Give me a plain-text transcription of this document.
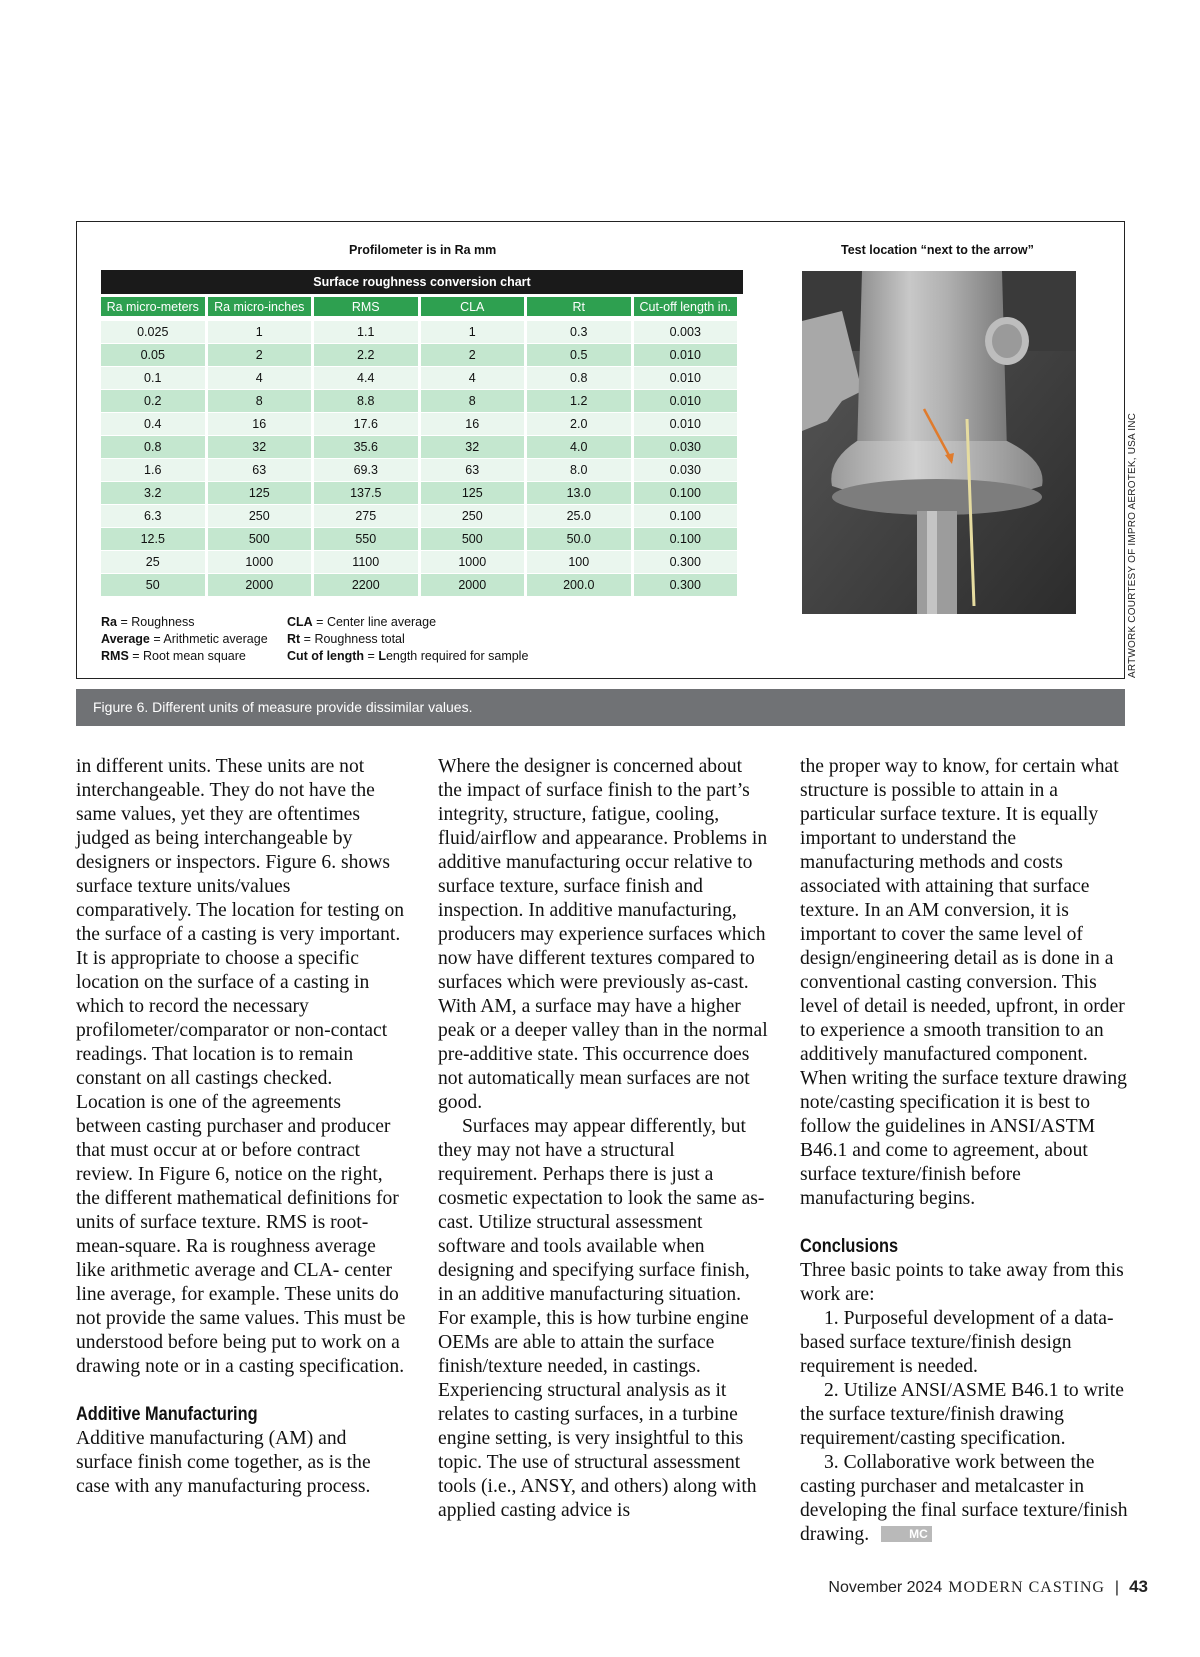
Profilometer is in Ra mm	Test location “next to the arrow”
Surface roughness conversion chart
Ra micro-meters	Ra micro-inches	RMS	CLA	Rt	Cut-off length in.

0.025	1	1.1	1	0.3	0.003
0.05	2	2.2	2	0.5	0.010
0.1	4	4.4	4	0.8	0.010
0.2	8	8.8	8	1.2	0.010
0.4	16	17.6	16	2.0	0.010
0.8	32	35.6	32	4.0	0.030
1.6	63	69.3	63	8.0	0.030
3.2	125	137.5	125	13.0	0.100
6.3	250	275	250	25.0	0.100
12.5	500	550	500	50.0	0.100
25	1000	1100	1000	100	0.300
50	2000	2200	2000	200.0	0.300
Ra = Roughness
Average = Arithmetic average
RMS = Root mean square
CLA = Center line average
Rt = Roughness total
Cut of length = Length required for sample	ARTWORK COURTESY OF IMPRO AEROTEK, USA INC
Figure 6. Different units of measure provide dissimilar values.

in different units. These units are not interchangeable. They do not have the same values, yet they are oftentimes judged as being interchangeable by designers or inspectors. Figure 6. shows surface texture units/values comparatively. The location for testing on the surface of a casting is very important. It is appropriate to choose a specific location on the surface of a casting in which to record the necessary profilometer/comparator or non-contact readings. That location is to remain constant on all castings checked. Location is one of the agreements between casting purchaser and producer that must occur at or before contract review. In Figure 6, notice on the right, the different mathematical definitions for units of surface texture. RMS is root-mean-square. Ra is roughness average like arithmetic average and CLA- center line average, for example. These units do not provide the same values. This must be understood before being put to work on a drawing note or in a casting specification.

Additive Manufacturing

Additive manufacturing (AM) and surface finish come together, as is the case with any manufacturing process.

Where the designer is concerned about the impact of surface finish to the part’s integrity, structure, fatigue, cooling, fluid/airflow and appearance. Problems in additive manufacturing occur relative to surface texture, surface finish and inspection. In additive manufacturing, producers may experience surfaces which now have different textures compared to surfaces which were previously as-cast. With AM, a surface may have a higher peak or a deeper valley than in the normal pre-additive state. This occurrence does not automatically mean surfaces are not good.

Surfaces may appear differently, but they may not have a structural requirement. Perhaps there is just a cosmetic expectation to look the same as- cast. Utilize structural assessment software and tools available when designing and specifying surface finish, in an additive manufacturing situation. For example, this is how turbine engine OEMs are able to attain the surface finish/texture needed, in castings. Experiencing structural analysis as it relates to casting surfaces, in a turbine engine setting, is very insightful to this topic. The use of structural assessment tools (i.e., ANSY, and others) along with applied casting advice is

the proper way to know, for certain what structure is possible to attain in a particular surface texture. It is equally important to understand the manufacturing methods and costs associated with attaining that surface texture. In an AM conversion, it is important to cover the same level of design/engineering detail as is done in a conventional casting conversion. This level of detail is needed, upfront, in order to experience a smooth transition to an additively manufactured component. When writing the surface texture drawing note/casting specification it is best to follow the guidelines in ANSI/ASTM B46.1 and come to agreement, about surface texture/finish before manufacturing begins.

Conclusions

Three basic points to take away from this work are:

1. Purposeful development of a data-based surface texture/finish design requirement is needed.

2. Utilize ANSI/ASME B46.1 to write the surface texture/finish drawing requirement/casting specification.

3. Collaborative work between the casting purchaser and metalcaster in developing the final surface texture/finish drawing.	MC

November 2024 MODERN CASTING | 43
